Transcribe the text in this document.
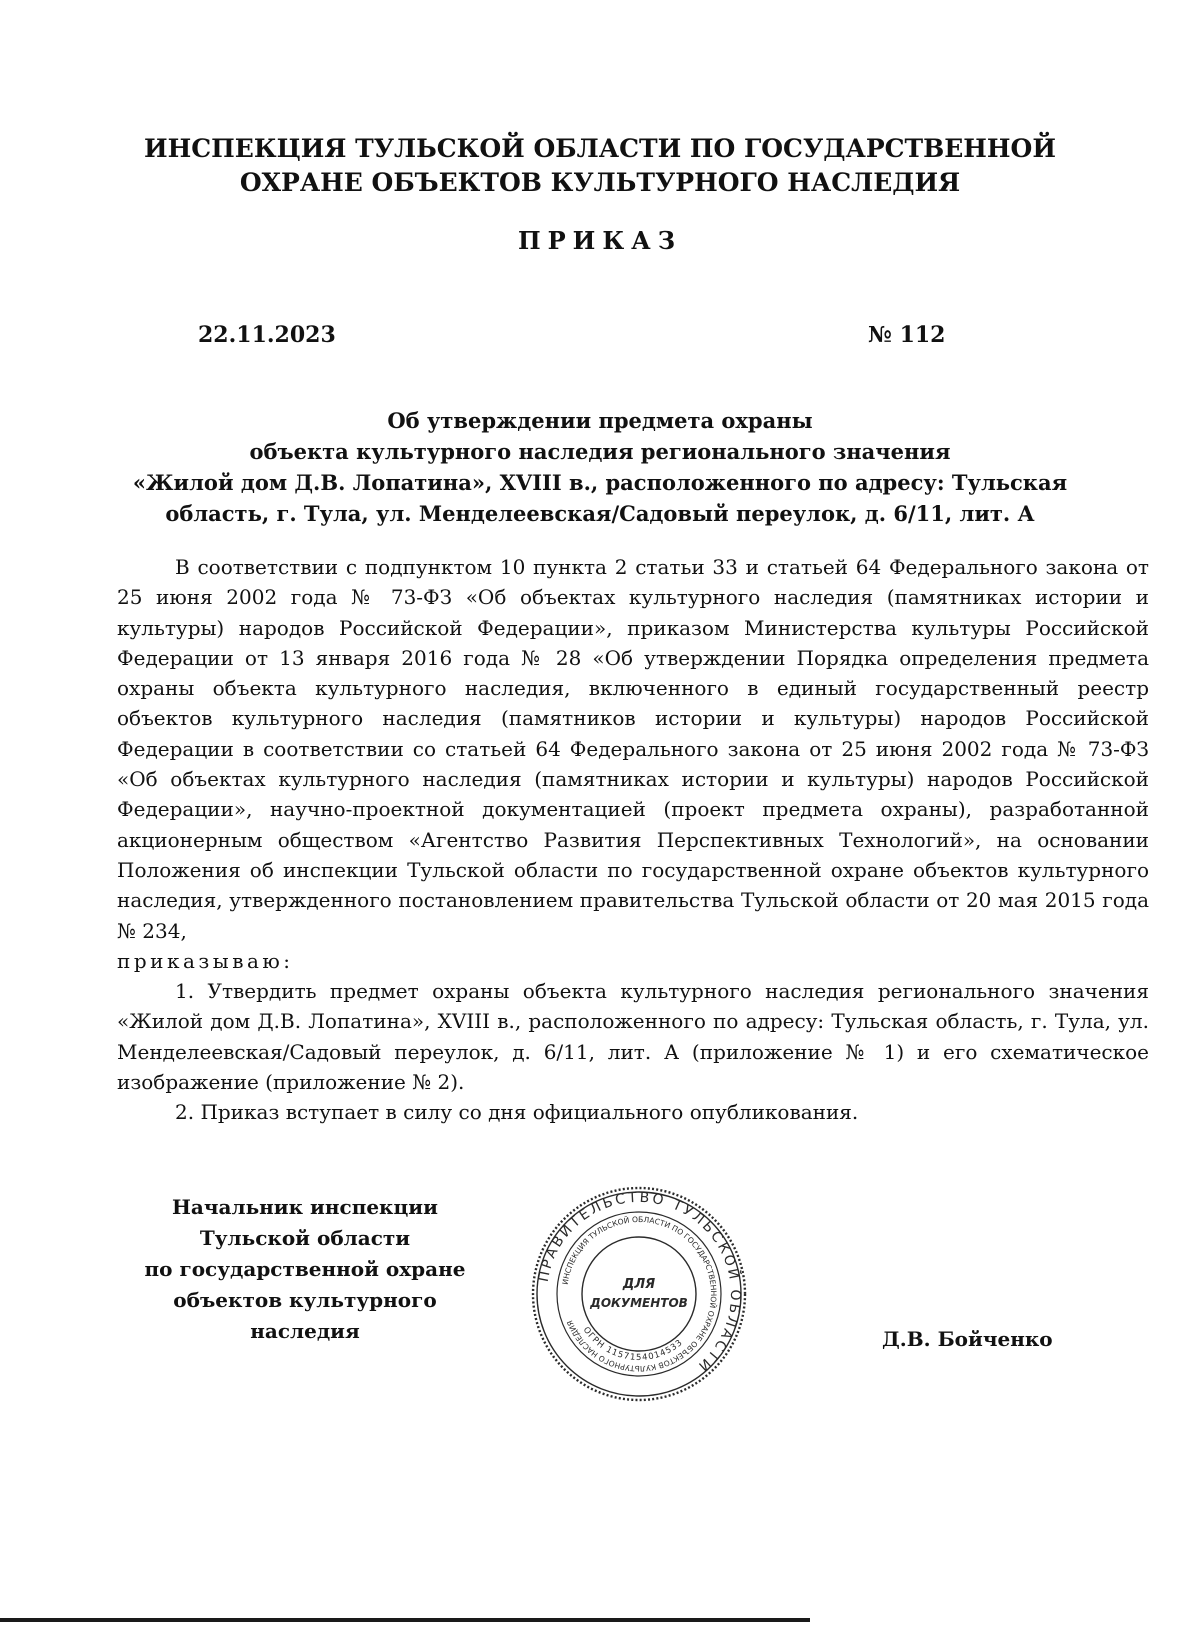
ИНСПЕКЦИЯ ТУЛЬСКОЙ ОБЛАСТИ ПО ГОСУДАРСТВЕННОЙ
ОХРАНЕ ОБЪЕКТОВ КУЛЬТУРНОГО НАСЛЕДИЯ
ПРИКАЗ
22.11.2023	№ 112
Об утверждении предмета охраны
объекта культурного наследия регионального значения
«Жилой дом Д.В. Лопатина», XVIII в., расположенного по адресу: Тульская
область, г. Тула, ул. Менделеевская/Садовый переулок, д. 6/11, лит. А

В соответствии с подпунктом 10 пункта 2 статьи 33 и статьей 64 Федерального закона от 25 июня 2002 года № 73-ФЗ «Об объектах культурного наследия (памятниках истории и культуры) народов Российской Федерации», приказом Министерства культуры Российской Федерации от 13 января 2016 года № 28 «Об утверждении Порядка определения предмета охраны объекта культурного наследия, включенного в единый государственный реестр объектов культурного наследия (памятников истории и культуры) народов Российской Федерации в соответствии со статьей 64 Федерального закона от 25 июня 2002 года № 73-ФЗ «Об объектах культурного наследия (памятниках истории и культуры) народов Российской Федерации», научно-проектной документацией (проект предмета охраны), разработанной акционерным обществом «Агентство Развития Перспективных Технологий», на основании Положения об инспекции Тульской области по государственной охране объектов культурного наследия, утвержденного постановлением правительства Тульской области от 20 мая 2015 года № 234,
приказываю:

1. Утвердить предмет охраны объекта культурного наследия регионального значения «Жилой дом Д.В. Лопатина», XVIII в., расположенного по адресу: Тульская область, г. Тула, ул. Менделеевская/Садовый переулок, д. 6/11, лит. А (приложение № 1) и его схематическое изображение (приложение № 2).

2. Приказ вступает в силу со дня официального опубликования.

Начальник инспекции
Тульской области
по государственной охране
объектов культурного
наследия
ПРАВИТЕЛЬСТВО ТУЛЬСКОЙ ОБЛАСТИ
ИНСПЕКЦИЯ ТУЛЬСКОЙ ОБЛАСТИ ПО ГОСУДАРСТВЕННОЙ ОХРАНЕ ОБЪЕКТОВ КУЛЬТУРНОГО НАСЛЕДИЯ
ОГРН 1157154014533
ДЛЯ
ДОКУМЕНТОВ
Д.В. Бойченко
